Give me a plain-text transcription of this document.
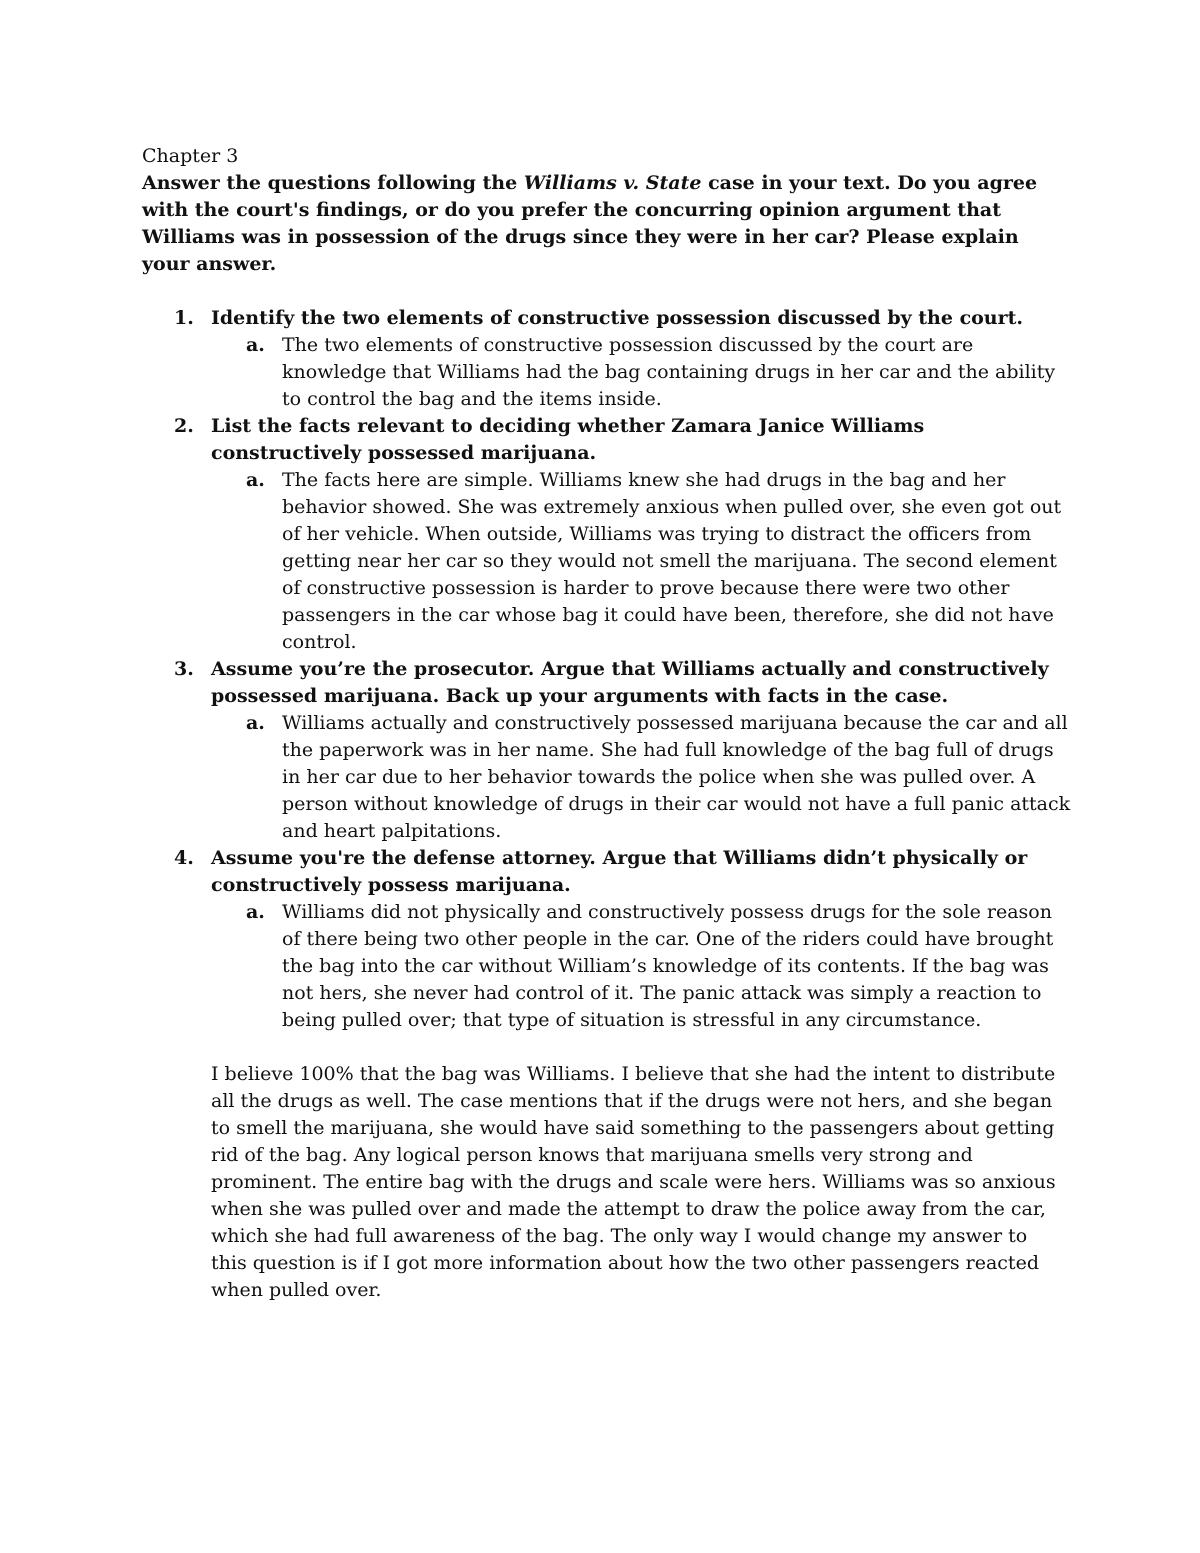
Chapter 3

Answer the questions following the Williams v. State case in your text. Do you agree with the court's findings, or do you prefer the concurring opinion argument that Williams was in possession of the drugs since they were in her car? Please explain your answer.

1. Identify the two elements of constructive possession discussed by the court.

a. The two elements of constructive possession discussed by the court are knowledge that Williams had the bag containing drugs in her car and the ability to control the bag and the items inside.

2. List the facts relevant to deciding whether Zamara Janice Williams constructively possessed marijuana.

a. The facts here are simple. Williams knew she had drugs in the bag and her behavior showed. She was extremely anxious when pulled over, she even got out of her vehicle. When outside, Williams was trying to distract the officers from getting near her car so they would not smell the marijuana. The second element of constructive possession is harder to prove because there were two other passengers in the car whose bag it could have been, therefore, she did not have control.

3. Assume you’re the prosecutor. Argue that Williams actually and constructively possessed marijuana. Back up your arguments with facts in the case.

a. Williams actually and constructively possessed marijuana because the car and all the paperwork was in her name. She had full knowledge of the bag full of drugs in her car due to her behavior towards the police when she was pulled over. A person without knowledge of drugs in their car would not have a full panic attack and heart palpitations.

4. Assume you're the defense attorney. Argue that Williams didn’t physically or constructively possess marijuana.

a. Williams did not physically and constructively possess drugs for the sole reason of there being two other people in the car. One of the riders could have brought the bag into the car without William’s knowledge of its contents. If the bag was not hers, she never had control of it. The panic attack was simply a reaction to being pulled over; that type of situation is stressful in any circumstance.

I believe 100% that the bag was Williams. I believe that she had the intent to distribute all the drugs as well. The case mentions that if the drugs were not hers, and she began to smell the marijuana, she would have said something to the passengers about getting rid of the bag. Any logical person knows that marijuana smells very strong and prominent. The entire bag with the drugs and scale were hers. Williams was so anxious when she was pulled over and made the attempt to draw the police away from the car, which she had full awareness of the bag. The only way I would change my answer to this question is if I got more information about how the two other passengers reacted when pulled over.
